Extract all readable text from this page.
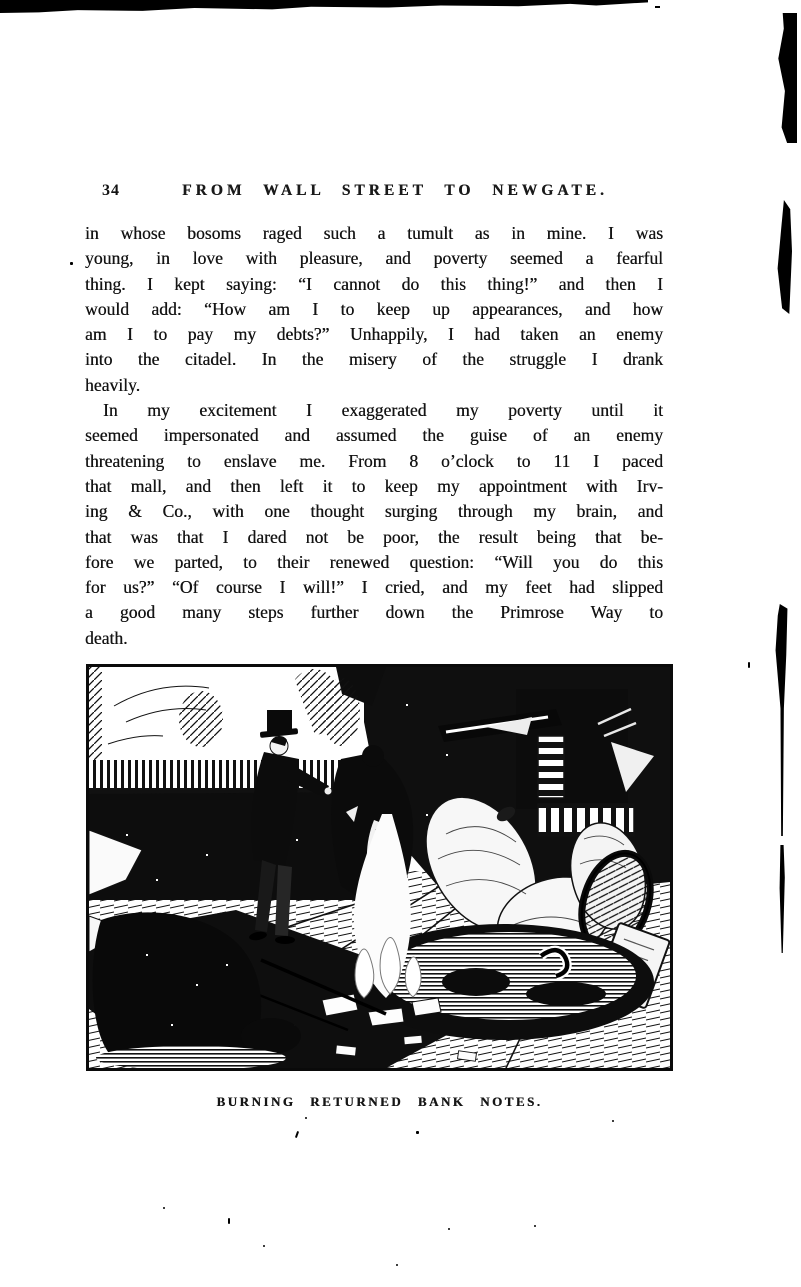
34	FROM WALL STREET TO NEWGATE.
in whose bosoms raged such a tumult as in mine. I was
young, in love with pleasure, and poverty seemed a fearful
thing. I kept saying: “I cannot do this thing!” and then I
would add: “How am I to keep up appearances, and how
am I to pay my debts?” Unhappily, I had taken an enemy
into the citadel. In the misery of the struggle I drank
heavily.
In my excitement I exaggerated my poverty until it
seemed impersonated and assumed the guise of an enemy
threatening to enslave me. From 8 o’clock to 11 I paced
that mall, and then left it to keep my appointment with Irv-
ing & Co., with one thought surging through my brain, and
that was that I dared not be poor, the result being that be-
fore we parted, to their renewed question: “Will you do this
for us?” “Of course I will!” I cried, and my feet had slipped
a good many steps further down the Primrose Way to
death.
BURNING RETURNED BANK NOTES.
